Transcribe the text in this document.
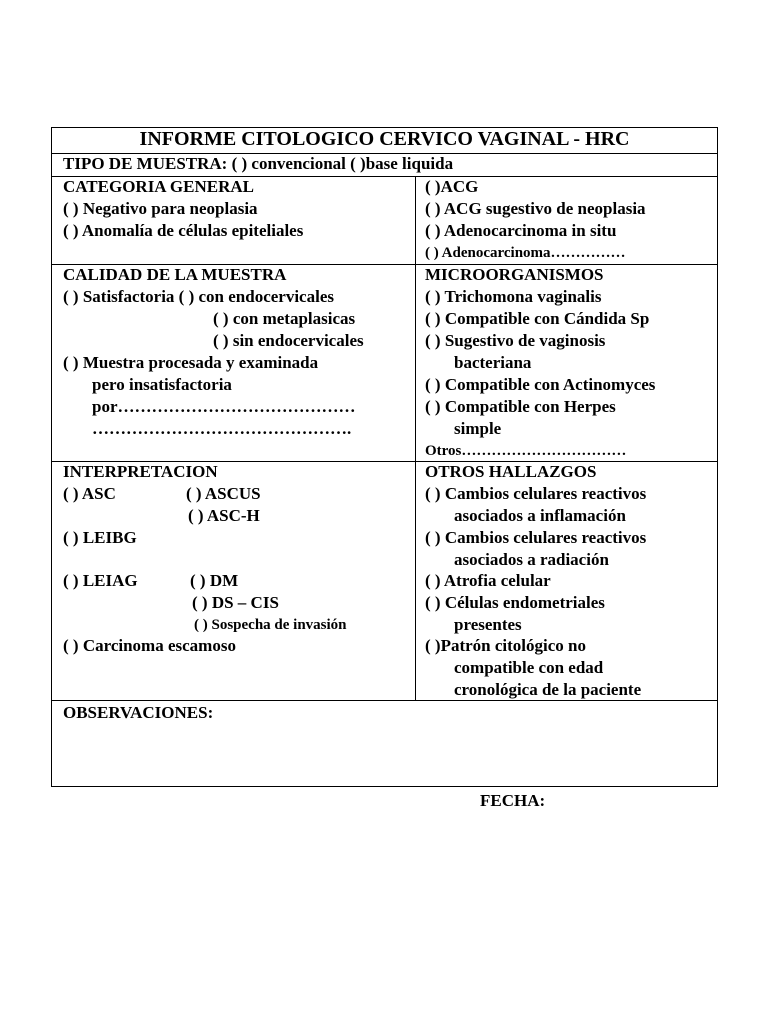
INFORME CITOLOGICO CERVICO VAGINAL - HRC
TIPO DE MUESTRA: ( ) convencional ( )base liquida
CATEGORIA GENERAL
( ) Negativo para neoplasia
( ) Anomalía de células epiteliales
( )ACG
( ) ACG sugestivo de neoplasia
( ) Adenocarcinoma in situ
( ) Adenocarcinoma……………
CALIDAD DE LA MUESTRA
( ) Satisfactoria ( ) con endocervicales
( ) con metaplasicas
( ) sin endocervicales
( ) Muestra procesada y examinada
pero insatisfactoria
por……………………………………
……………………………………….
MICROORGANISMOS
( ) Trichomona vaginalis
( ) Compatible con Cándida Sp
( ) Sugestivo de vaginosis
bacteriana
( ) Compatible con Actinomyces
( ) Compatible con Herpes
simple
Otros……………………………
INTERPRETACION
( ) ASC	( ) ASCUS
( ) ASC-H
( ) LEIBG
( ) LEIAG	( ) DM
( ) DS – CIS
( ) Sospecha de invasión
( ) Carcinoma escamoso
OTROS HALLAZGOS
( ) Cambios celulares reactivos
asociados a inflamación
( ) Cambios celulares reactivos
asociados a radiación
( ) Atrofia celular
( ) Células endometriales
presentes
( )Patrón citológico no
compatible con edad
cronológica de la paciente
OBSERVACIONES:
FECHA:
